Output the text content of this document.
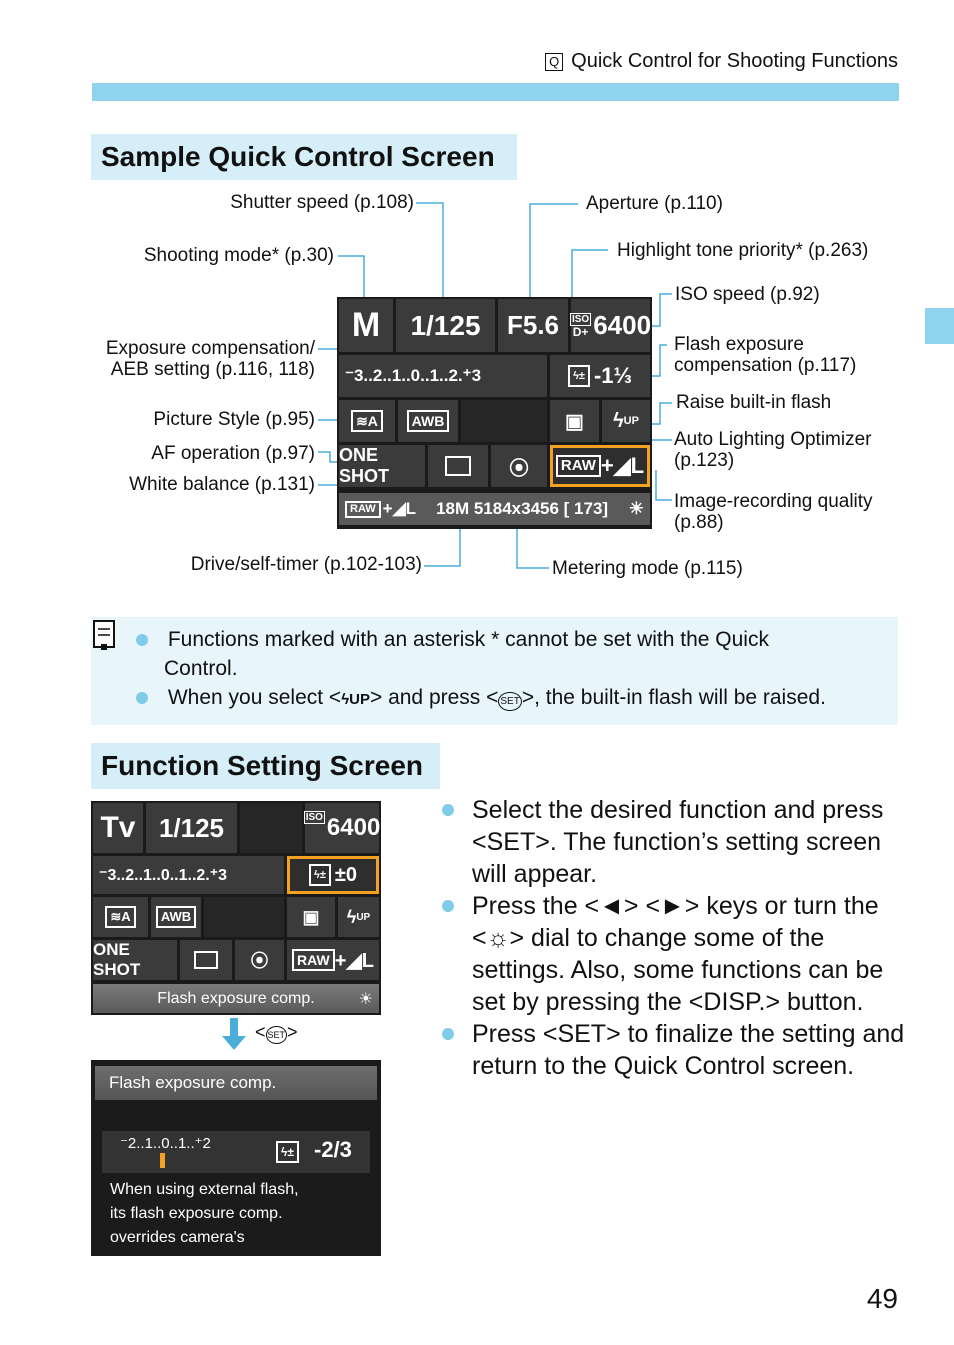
Q Quick Control for Shooting Functions
Sample Quick Control Screen
Shutter speed (p.108)	Aperture (p.110)
Shooting mode* (p.30)	Highlight tone priority* (p.263)
ISO speed (p.92)
Exposure compensation/
AEB setting (p.116, 118)
Flash exposure
compensation (p.117)
Picture Style (p.95)
Raise built-in flash
AF operation (p.97)
Auto Lighting Optimizer
(p.123)
White balance (p.131)
Image-recording quality
(p.88)
Drive/self-timer (p.102-103)	Metering mode (p.115)
M	1/125	F5.6	ISO
D+ 6400
⁻3..2..1..0..1..2.⁺3	ϟ± -1⅓
≋A	AWB	▣ ϟ UP
ONE SHOT	⦿	RAW +◢L
RAW +◢L 18M 5184x3456 [ 173] ☀
Functions marked with an asterisk * cannot be set with the Quick
Control.
When you select <ϟUP> and press < SET>, the built-in flash will be raised.
Function Setting Screen
Tv 1/125	ISO 6400
⁻3..2..1..0..1..2.⁺3	ϟ± ±0
≋A	AWB	▣ ϟ UP
ONE SHOT	⦿	RAW +◢L
Flash exposure comp.	☀
< SET >
Flash exposure comp.
⁻2..1..0..1..⁺2	ϟ± -2/3
When using external flash,
its flash exposure comp.
overrides camera's
Select the desired function and press
<SET>. The function’s setting screen
will appear.
Press the <◄> <►> keys or turn the
<☼> dial to change some of the
settings. Also, some functions can be
set by pressing the <DISP.> button.
Press <SET> to finalize the setting and
return to the Quick Control screen.
49
